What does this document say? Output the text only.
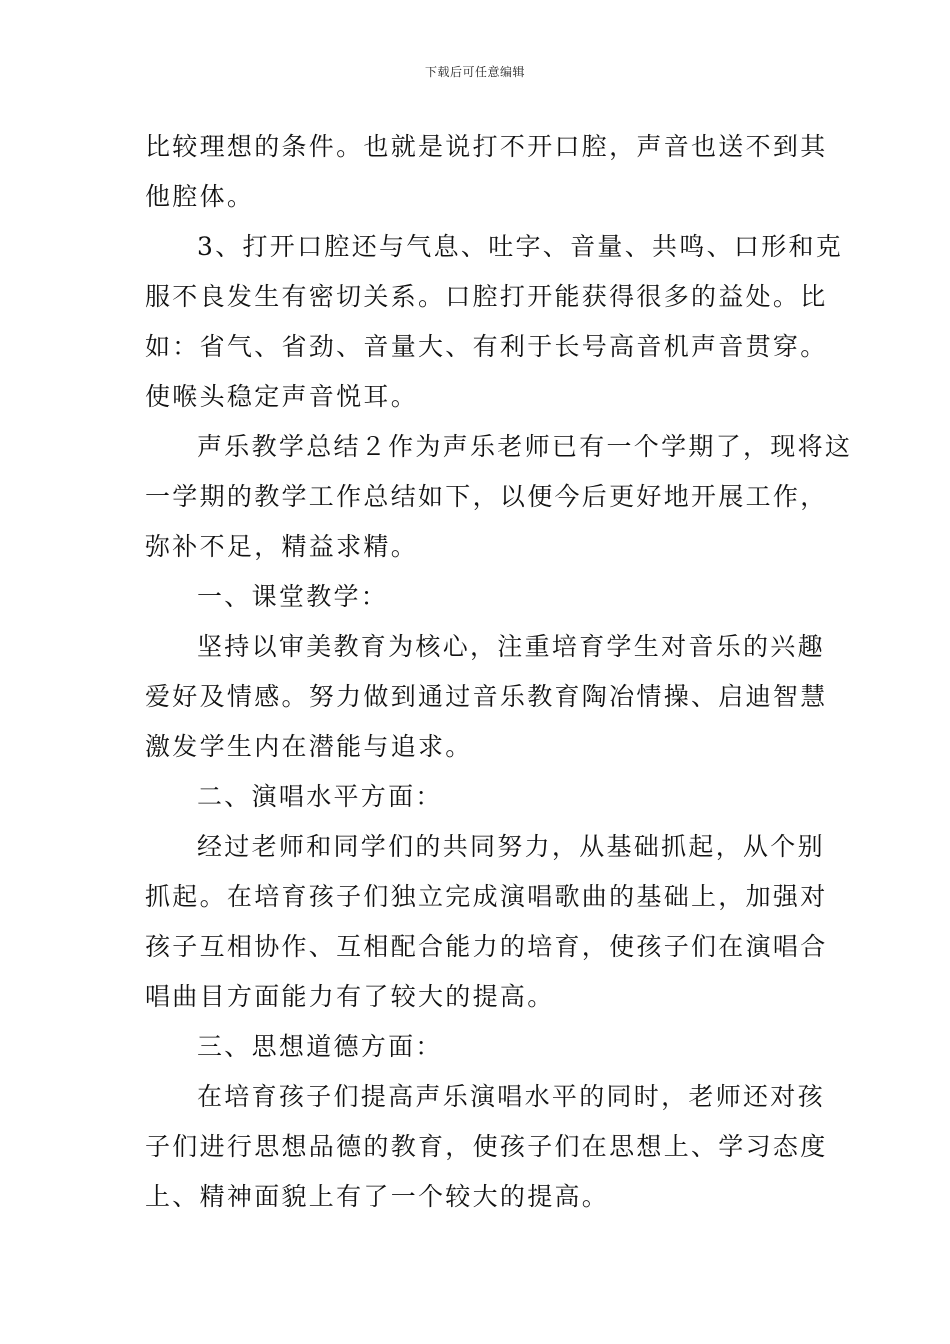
下载后可任意编辑

比较理想的条件。也就是说打不开口腔，声音也送不到其
他腔体。

3、打开口腔还与气息、吐字、音量、共鸣、口形和克
服不良发生有密切关系。口腔打开能获得很多的益处。比
如：省气、省劲、音量大、有利于长号高音机声音贯穿。
使喉头稳定声音悦耳。

声乐教学总结２作为声乐老师已有一个学期了，现将这
一学期的教学工作总结如下，以便今后更好地开展工作，
弥补不足，精益求精。

一、课堂教学：

坚持以审美教育为核心，注重培育学生对音乐的兴趣
爱好及情感。努力做到通过音乐教育陶冶情操、启迪智慧
激发学生内在潜能与追求。

二、演唱水平方面：

经过老师和同学们的共同努力，从基础抓起，从个别
抓起。在培育孩子们独立完成演唱歌曲的基础上，加强对
孩子互相协作、互相配合能力的培育，使孩子们在演唱合
唱曲目方面能力有了较大的提高。

三、思想道德方面：

在培育孩子们提高声乐演唱水平的同时，老师还对孩
子们进行思想品德的教育，使孩子们在思想上、学习态度
上、精神面貌上有了一个较大的提高。
